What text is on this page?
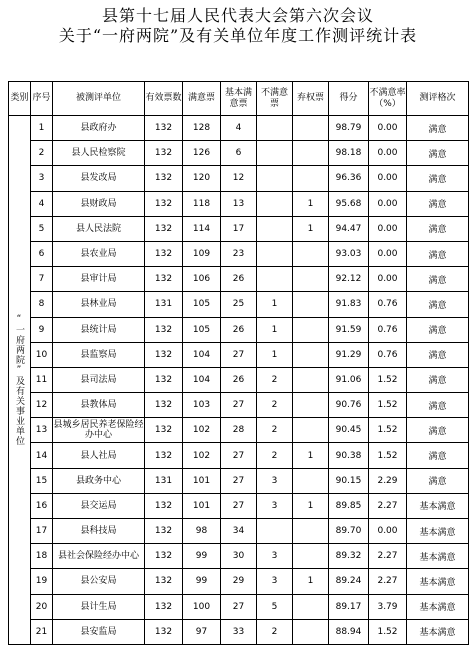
县第十七届人民代表大会第六次会议
关于“一府两院”及有关单位年度工作测评统计表
类别	序号	被测评单位	有效票数	满意票	基本满意票	不满意票	弃权票	得分	不满意率（%）	测评格次

“一府两院”及有关事业单位	1	县政府办	132	128	4			98.79	0.00	满意
	2	县人民检察院	132	126	6			98.18	0.00	满意
	3	县发改局	132	120	12			96.36	0.00	满意
	4	县财政局	132	118	13		1	95.68	0.00	满意
	5	县人民法院	132	114	17		1	94.47	0.00	满意
	6	县农业局	132	109	23			93.03	0.00	满意
	7	县审计局	132	106	26			92.12	0.00	满意
	8	县林业局	131	105	25	1		91.83	0.76	满意
	9	县统计局	132	105	26	1		91.59	0.76	满意
	10	县监察局	132	104	27	1		91.29	0.76	满意
	11	县司法局	132	104	26	2		91.06	1.52	满意
	12	县教体局	132	103	27	2		90.76	1.52	满意
	13	县城乡居民养老保险经办中心	132	102	28	2		90.45	1.52	满意
	14	县人社局	132	102	27	2	1	90.38	1.52	满意
	15	县政务中心	131	101	27	3		90.15	2.29	满意
	16	县交运局	132	101	27	3	1	89.85	2.27	基本满意
	17	县科技局	132	98	34			89.70	0.00	基本满意
	18	县社会保险经办中心	132	99	30	3		89.32	2.27	基本满意
	19	县公安局	132	99	29	3	1	89.24	2.27	基本满意
	20	县计生局	132	100	27	5		89.17	3.79	基本满意
	21	县安监局	132	97	33	2		88.94	1.52	基本满意
